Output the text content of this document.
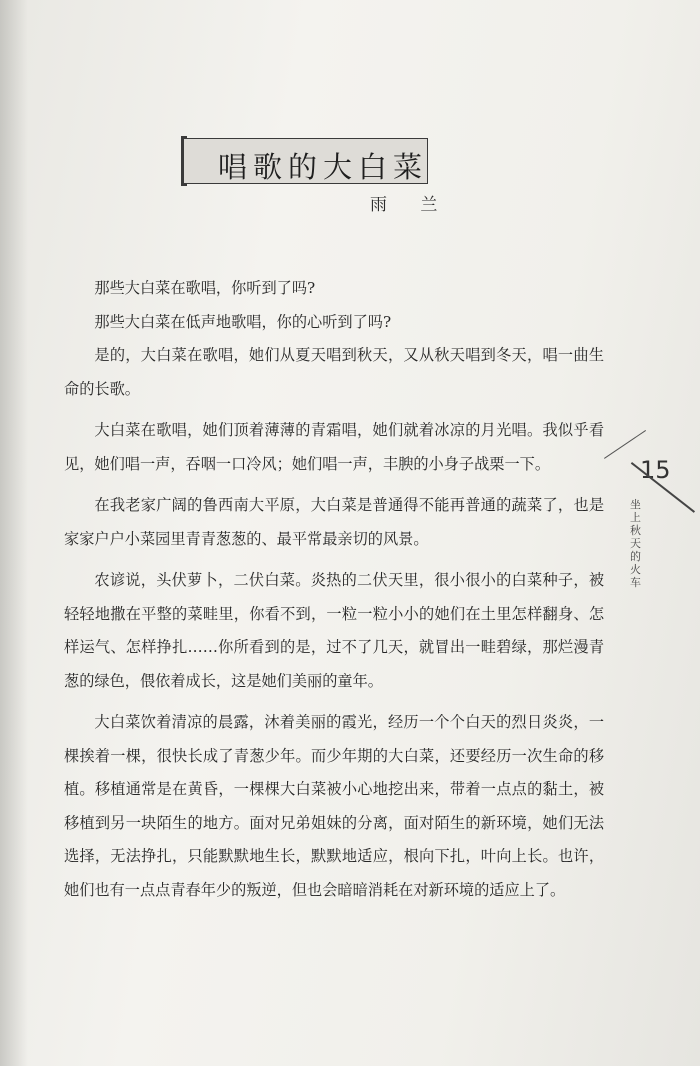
唱歌的大白菜
雨 兰

那些大白菜在歌唱，你听到了吗?

那些大白菜在低声地歌唱，你的心听到了吗?

是的，大白菜在歌唱，她们从夏天唱到秋天，又从秋天唱到冬天，唱一曲生命的长歌。

大白菜在歌唱，她们顶着薄薄的青霜唱，她们就着冰凉的月光唱。我似乎看见，她们唱一声，吞咽一口冷风；她们唱一声，丰腴的小身子战栗一下。

在我老家广阔的鲁西南大平原，大白菜是普通得不能再普通的蔬菜了，也是家家户户小菜园里青青葱葱的、最平常最亲切的风景。

农谚说，头伏萝卜，二伏白菜。炎热的二伏天里，很小很小的白菜种子，被轻轻地撒在平整的菜畦里，你看不到，一粒一粒小小的她们在土里怎样翻身、怎样运气、怎样挣扎……你所看到的是，过不了几天，就冒出一畦碧绿，那烂漫青葱的绿色，偎依着成长，这是她们美丽的童年。

大白菜饮着清凉的晨露，沐着美丽的霞光，经历一个个白天的烈日炎炎，一棵挨着一棵，很快长成了青葱少年。而少年期的大白菜，还要经历一次生命的移植。移植通常是在黄昏，一棵棵大白菜被小心地挖出来，带着一点点的黏土，被移植到另一块陌生的地方。面对兄弟姐妹的分离，面对陌生的新环境，她们无法选择，无法挣扎，只能默默地生长，默默地适应，根向下扎，叶向上长。也许，她们也有一点点青春年少的叛逆，但也会暗暗消耗在对新环境的适应上了。

15
坐上秋天的火车
